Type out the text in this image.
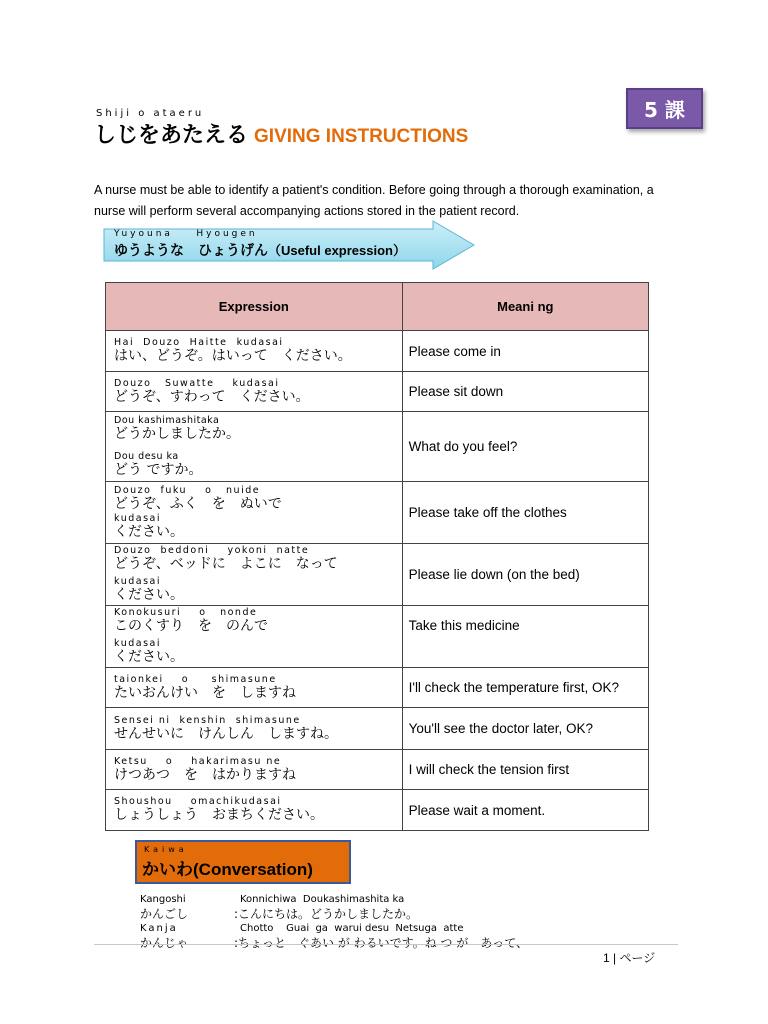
5 課
Shiji o ataeru
しじをあたえる GIVING INSTRUCTIONS
A nurse must be able to identify a patient's condition. Before going through a thorough examination, a nurse will perform several accompanying actions stored in the patient record.
Yuyouna    Hyougen
ゆうような　ひょうげん（Useful expression）
Expression	Meani ng

Hai  Douzo  Haitte  kudasai
はい、どうぞ。はいって　ください。	Please come in

Douzo   Suwatte    kudasai
どうぞ、すわって　ください。	Please sit down

Dou kashimashitaka
どうかしましたか。
Dou desu ka
どう ですか。	What do you feel?

Douzo  fuku    o   nuide
どうぞ、ふく　を　ぬいで
kudasai
ください。	Please take off the clothes

Douzo  beddoni    yokoni  natte
どうぞ、ベッドに　よこに　なって
kudasai
ください。	Please lie down (on the bed)

Konokusuri    o   nonde
このくすり　を　のんで
kudasai
ください。	Take this medicine

taionkei    o     shimasune
たいおんけい　を　しますね	I'll check the temperature first, OK?

Sensei ni  kenshin  shimasune
せんせいに　けんしん　しますね。	You'll see the doctor later, OK?

Ketsu    o    hakarimasu ne
けつあつ　を　はかりますね	I will check the tension first

Shoushou    omachikudasai
しょうしょう　おまちください。	Please wait a moment.
Kaiwa
かいわ(Conversation)
Kangoshi
かんごし
Konnichiwa  Doukashimashita ka
:こんにちは。どうかしましたか。
Kanja
かんじゃ
Chotto    Guai  ga  warui desu  Netsuga  atte
:ちょっと　ぐあい が わるいです。ね つ が　あって、
1 | ページ
